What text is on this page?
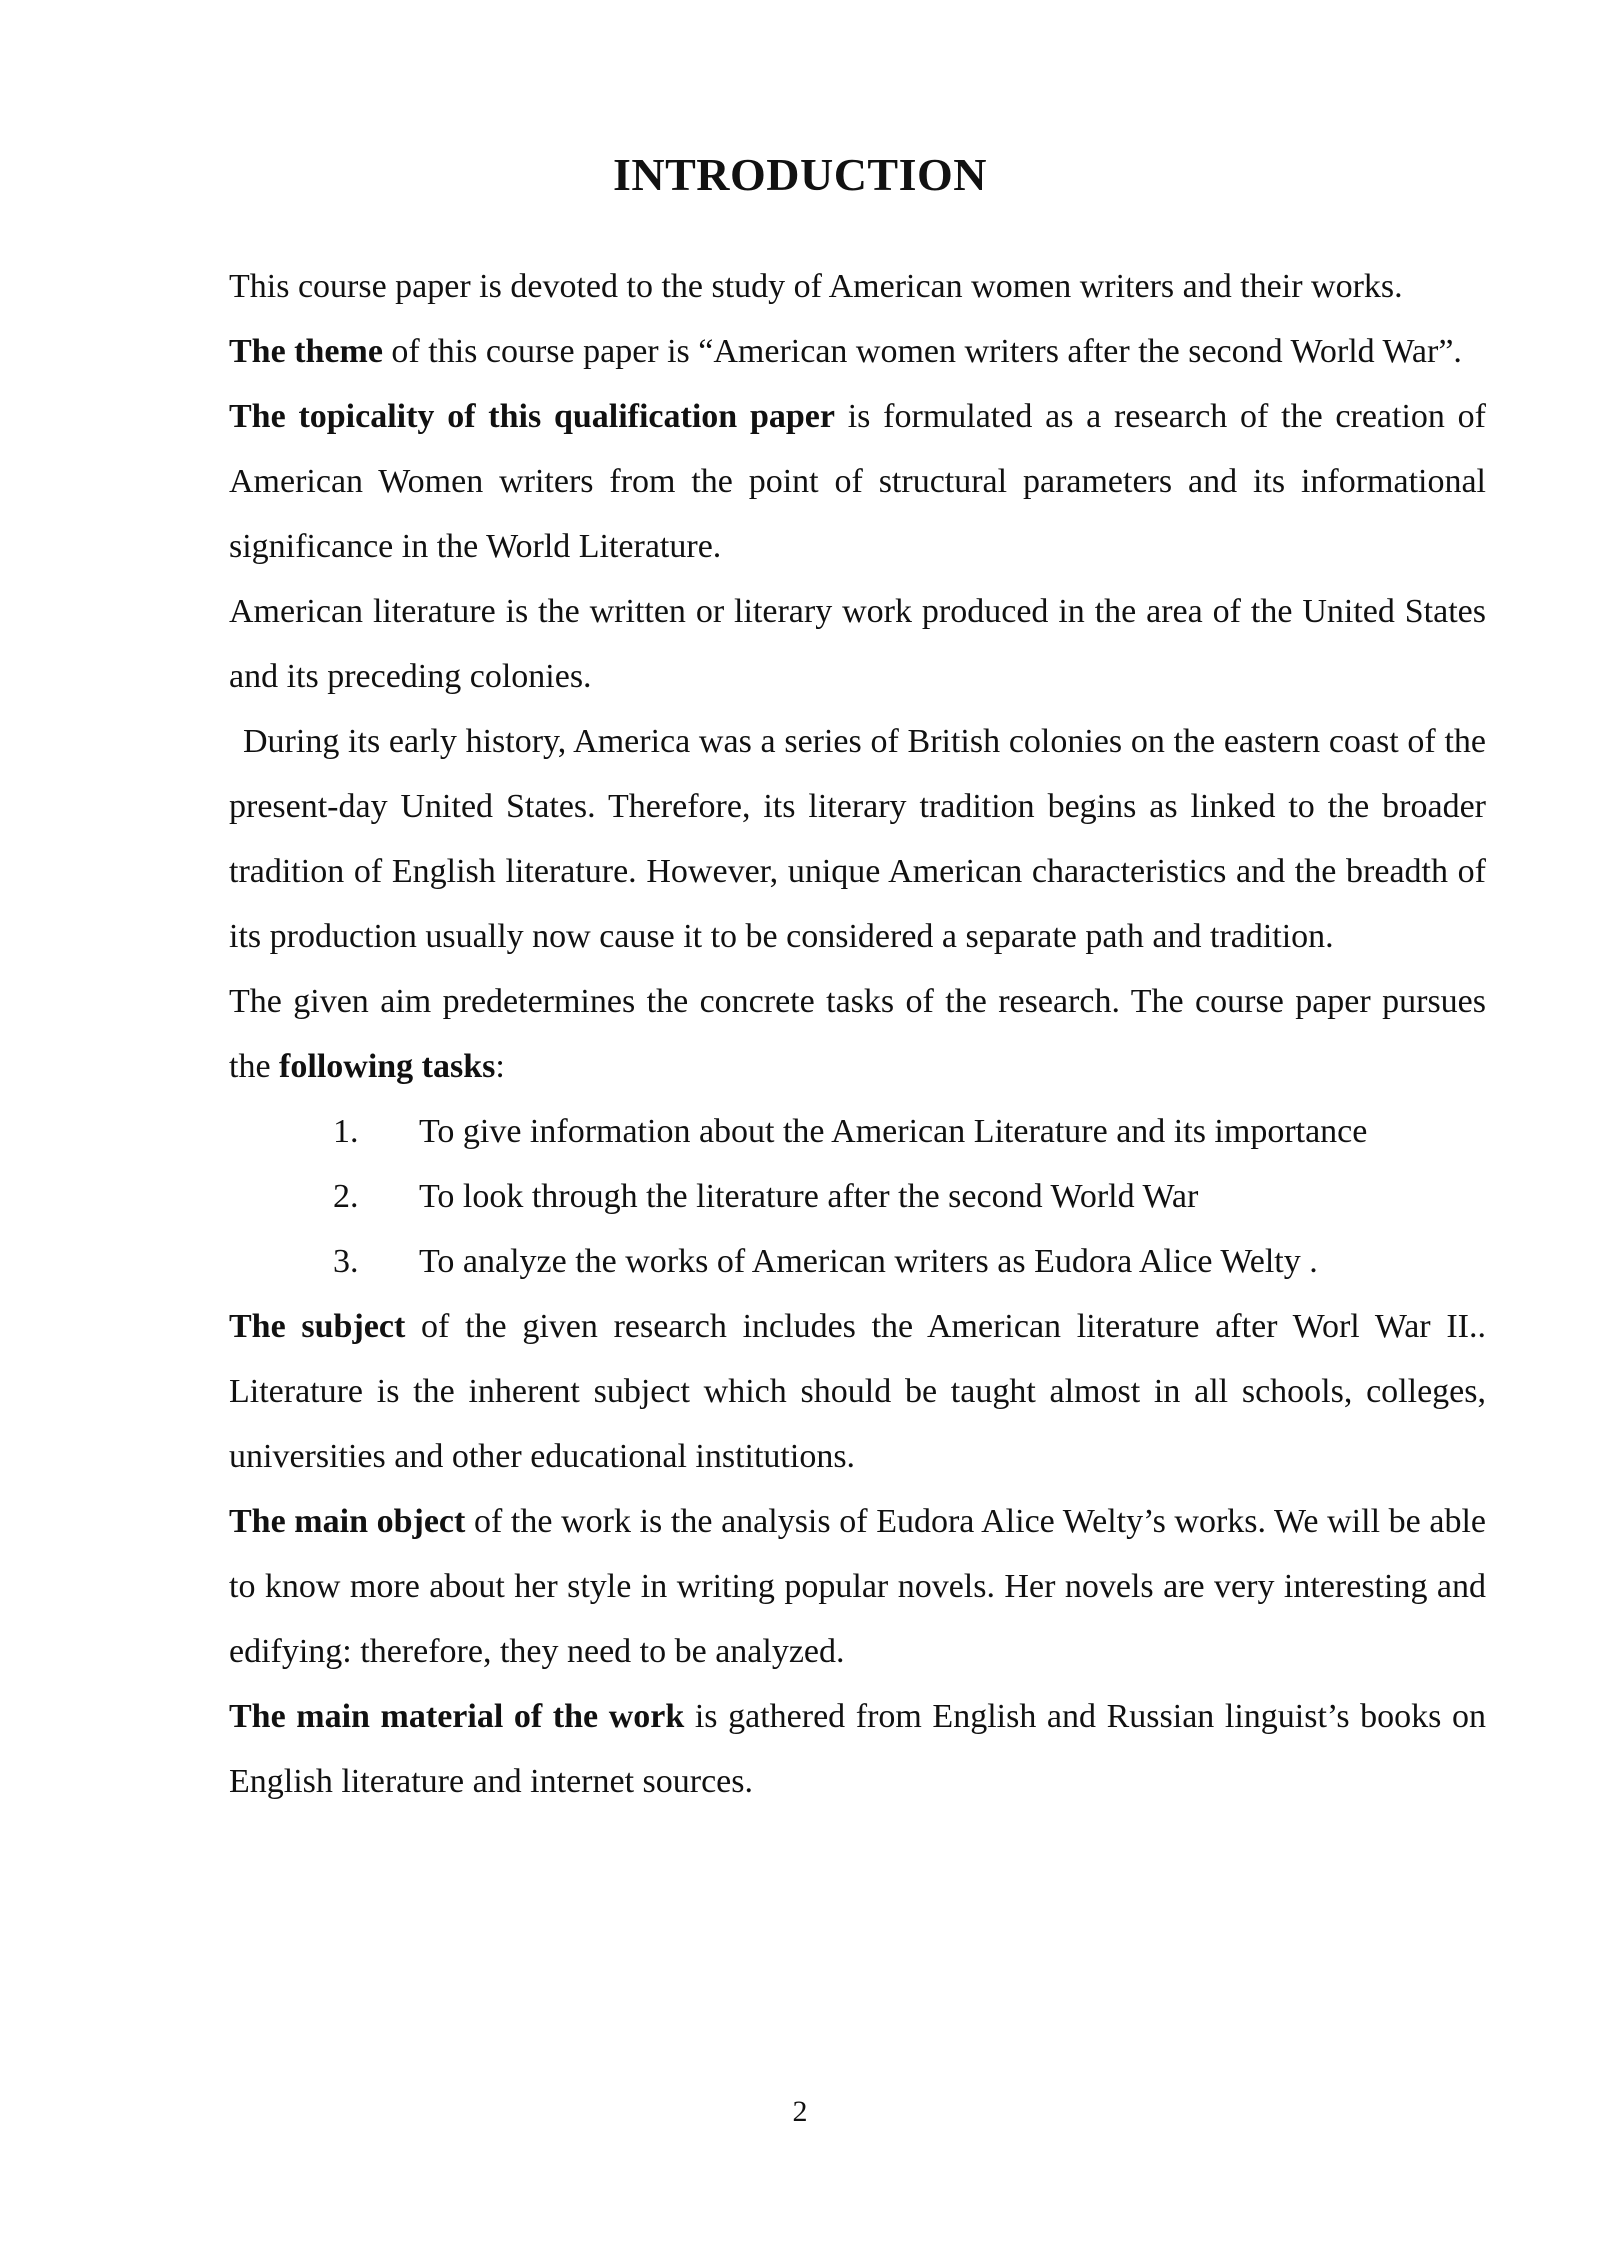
INTRODUCTION

This course paper is devoted to the study of American women writers and their works.

The theme of this course paper is “American women writers after the second World War”.

The topicality of this qualification paper is formulated as a research of the creation of American Women writers from the point of structural parameters and its informational significance in the World Literature.

American literature is the written or literary work produced in the area of the United States and its preceding colonies.

During its early history, America was a series of British colonies on the eastern coast of the present-day United States. Therefore, its literary tradition begins as linked to the broader tradition of English literature. However, unique American characteristics and the breadth of its production usually now cause it to be considered a separate path and tradition.

The given aim predetermines the concrete tasks of the research. The course paper pursues the following tasks:

1.	To give information about the American Literature and its importance
2.	To look through the literature after the second World War
3.	To analyze the works of American writers as Eudora Alice Welty .

The subject of the given research includes the American literature after Worl War II.. Literature is the inherent subject which should be taught almost in all schools, colleges, universities and other educational institutions.

The main object of the work is the analysis of Eudora Alice Welty’s works. We will be able to know more about her style in writing popular novels. Her novels are very interesting and edifying: therefore, they need to be analyzed.

The main material of the work is gathered from English and Russian linguist’s books on English literature and internet sources.

2
